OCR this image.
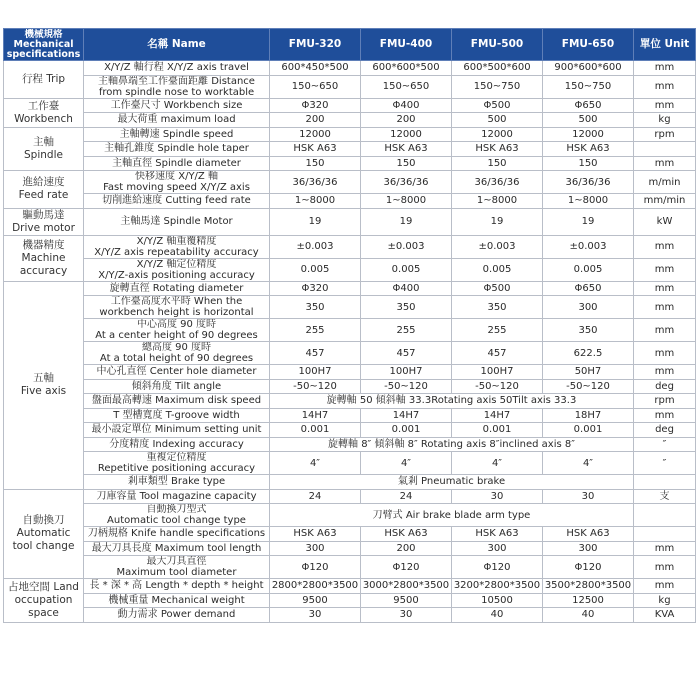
機械規格
Mechanical
specifications	名稱 Name	FMU-320	FMU-400	FMU-500	FMU-650	單位 Unit
行程 Trip	X/Y/Z 軸行程 X/Y/Z axis travel	600*450*500	600*600*500	600*500*600	900*600*600	mm
	主軸鼻端至工作臺面距離 Distance
from spindle nose to worktable	150~650	150~650	150~750	150~750	mm
工作臺
Workbench	工作臺尺寸 Workbench size	Φ320	Φ400	Φ500	Φ650	mm
	最大荷重 maximum load	200	200	500	500	kg
主軸
Spindle	主軸轉速 Spindle speed	12000	12000	12000	12000	rpm
	主軸孔錐度 Spindle hole taper	HSK A63	HSK A63	HSK A63	HSK A63	
	主軸直徑 Spindle diameter	150	150	150	150	mm
進給速度
Feed rate	快移速度 X/Y/Z 軸
Fast moving speed X/Y/Z axis	36/36/36	36/36/36	36/36/36	36/36/36	m/min
	切削進給速度 Cutting feed rate	1~8000	1~8000	1~8000	1~8000	mm/min
驅動馬達
Drive motor	主軸馬達 Spindle Motor	19	19	19	19	kW
機器精度
Machine
accuracy	X/Y/Z 軸重覆精度
X/Y/Z axis repeatability accuracy	±0.003	±0.003	±0.003	±0.003	mm
	X/Y/Z 軸定位精度
X/Y/Z-axis positioning accuracy	0.005	0.005	0.005	0.005	mm
五軸
Five axis	旋轉直徑 Rotating diameter	Φ320	Φ400	Φ500	Φ650	mm
	工作臺高度水平時 When the
workbench height is horizontal	350	350	350	300	mm
	中心高度 90 度時
At a center height of 90 degrees	255	255	255	350	mm
	總高度 90 度時
At a total height of 90 degrees	457	457	457	622.5	mm
	中心孔直徑 Center hole diameter	100H7	100H7	100H7	50H7	mm
	傾斜角度 Tilt angle	-50~120	-50~120	-50~120	-50~120	deg
	盤面最高轉速 Maximum disk speed	旋轉軸 50 傾斜軸 33.3Rotating axis 50Tilt axis 33.3				rpm
	T 型槽寬度 T-groove width	14H7	14H7	14H7	18H7	mm
	最小設定單位 Minimum setting unit	0.001	0.001	0.001	0.001	deg
	分度精度 Indexing accuracy	旋轉軸 8″ 傾斜軸 8″ Rotating axis 8″inclined axis 8″				″
	重複定位精度
Repetitive positioning accuracy	4″	4″	4″	4″	″
	剎車類型 Brake type	氣剎 Pneumatic brake				
自動換刀
Automatic
tool change	刀庫容量 Tool magazine capacity	24	24	30	30	支
	自動換刀型式
Automatic tool change type	刀臂式 Air brake blade arm type				
	刀柄規格 Knife handle specifications	HSK A63	HSK A63	HSK A63	HSK A63	
	最大刀具長度 Maximum tool length	300	200	300	300	mm
	最大刀具直徑
Maximum tool diameter	Φ120	Φ120	Φ120	Φ120	mm
占地空間 Land
occupation
space	長 * 深 * 高 Length * depth * height	2800*2800*3500	3000*2800*3500	3200*2800*3500	3500*2800*3500	mm
	機械重量 Mechanical weight	9500	9500	10500	12500	kg
	動力需求 Power demand	30	30	40	40	KVA
